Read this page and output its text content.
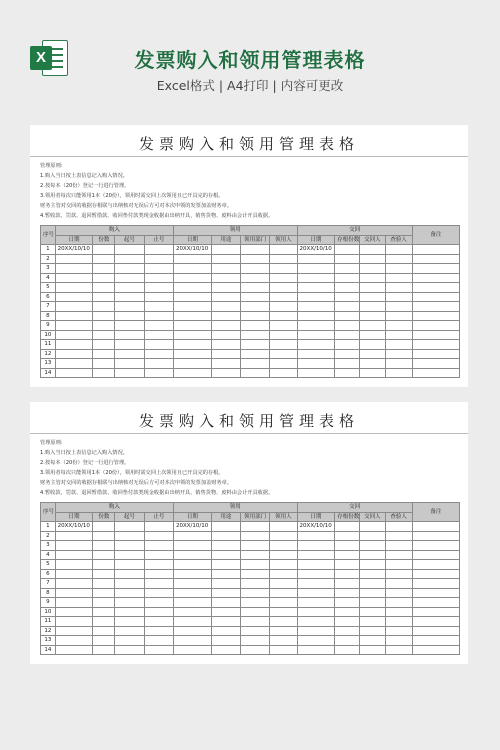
X	发票购入和领用管理表格
Excel格式 | A4打印 | 内容可更改
发票购入和领用管理表格
管理原则:
1.购入当日按上表信息记入购入情况。
2.按每本（20份）登记一行进行管理。
3.领用者每次只能领用1本（20份），领用时需交回上次领用且已开具完的存根。
财务主管对交回的收据存根联与出纳核对无误后方可对本次申领的发票加盖财务章。
4.暂收款、罚款、退回暂借款、收回垫付款类现金收据由出纳开具，销售货物、废料由会计开具收据。
序号	购入				领用				交回				备注
	日期	份数	起号	止号	日期	用途	领用部门	领用人	日期	存根份数	交回人	查验人	
1	20XX/10/10				20XX/10/10				20XX/10/10				
2													
3													
4													
5													
6													
7													
8													
9													
10													
11													
12													
13													
14													
发票购入和领用管理表格
管理原则:
1.购入当日按上表信息记入购入情况。
2.按每本（20份）登记一行进行管理。
3.领用者每次只能领用1本（20份），领用时需交回上次领用且已开具完的存根。
财务主管对交回的收据存根联与出纳核对无误后方可对本次申领的发票加盖财务章。
4.暂收款、罚款、退回暂借款、收回垫付款类现金收据由出纳开具，销售货物、废料由会计开具收据。
序号	购入				领用				交回				备注
	日期	份数	起号	止号	日期	用途	领用部门	领用人	日期	存根份数	交回人	查验人	
1	20XX/10/10				20XX/10/10				20XX/10/10				
2													
3													
4													
5													
6													
7													
8													
9													
10													
11													
12													
13													
14													
